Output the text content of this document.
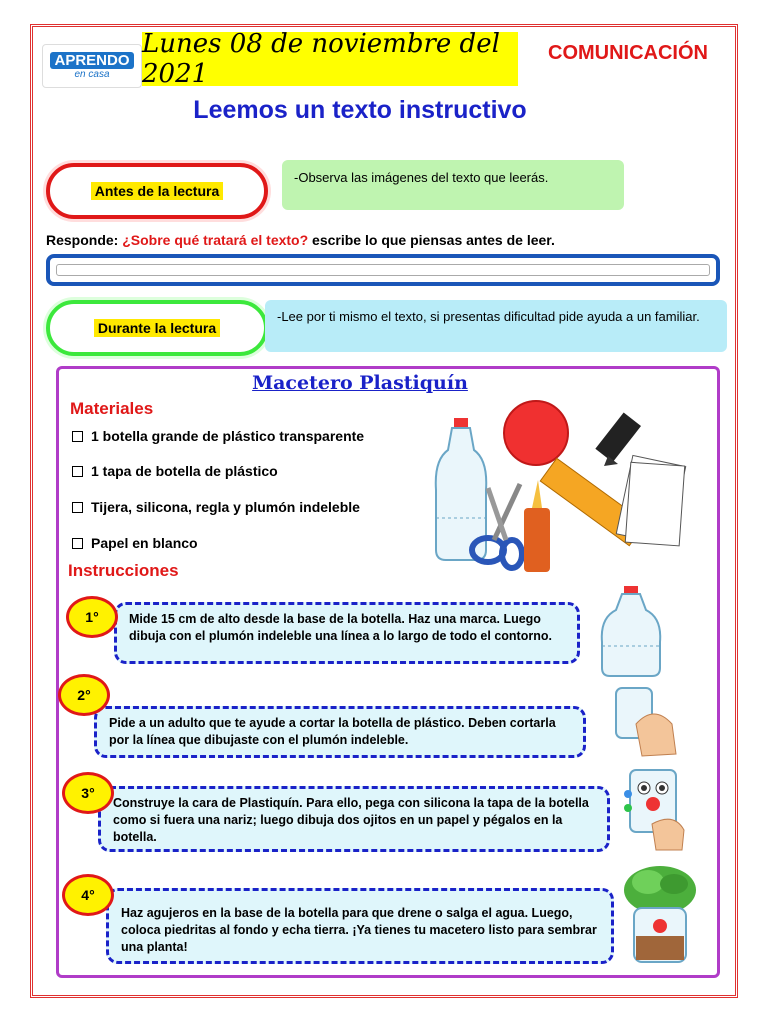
APRENDO
en casa
Lunes 08 de noviembre del 2021
COMUNICACIÓN
Leemos un texto instructivo
Antes de la lectura
-Observa las imágenes del texto que leerás.
Responde: ¿Sobre qué tratará el texto? escribe lo que piensas antes de leer.
Durante la lectura
-Lee por ti mismo el texto, si presentas dificultad pide ayuda a un familiar.
Macetero Plastiquín
Materiales
1 botella grande de plástico transparente
1 tapa de botella de plástico
Tijera, silicona, regla y plumón indeleble
Papel en blanco
Instrucciones
Mide 15 cm de alto desde la base de la botella. Haz una marca. Luego dibuja con el plumón indeleble una línea a lo largo de todo el contorno.
1°
Pide a un adulto que te ayude a cortar la botella de plástico. Deben cortarla por la línea que dibujaste con el plumón indeleble.
2°
Construye la cara de Plastiquín. Para ello, pega con silicona la tapa de la botella como si fuera una nariz; luego dibuja dos ojitos en un papel y pégalos en la botella.
3°
Haz agujeros en la base de la botella para que drene o salga el agua. Luego, coloca piedritas al fondo y echa tierra. ¡Ya tienes tu macetero listo para sembrar una planta!
4°
